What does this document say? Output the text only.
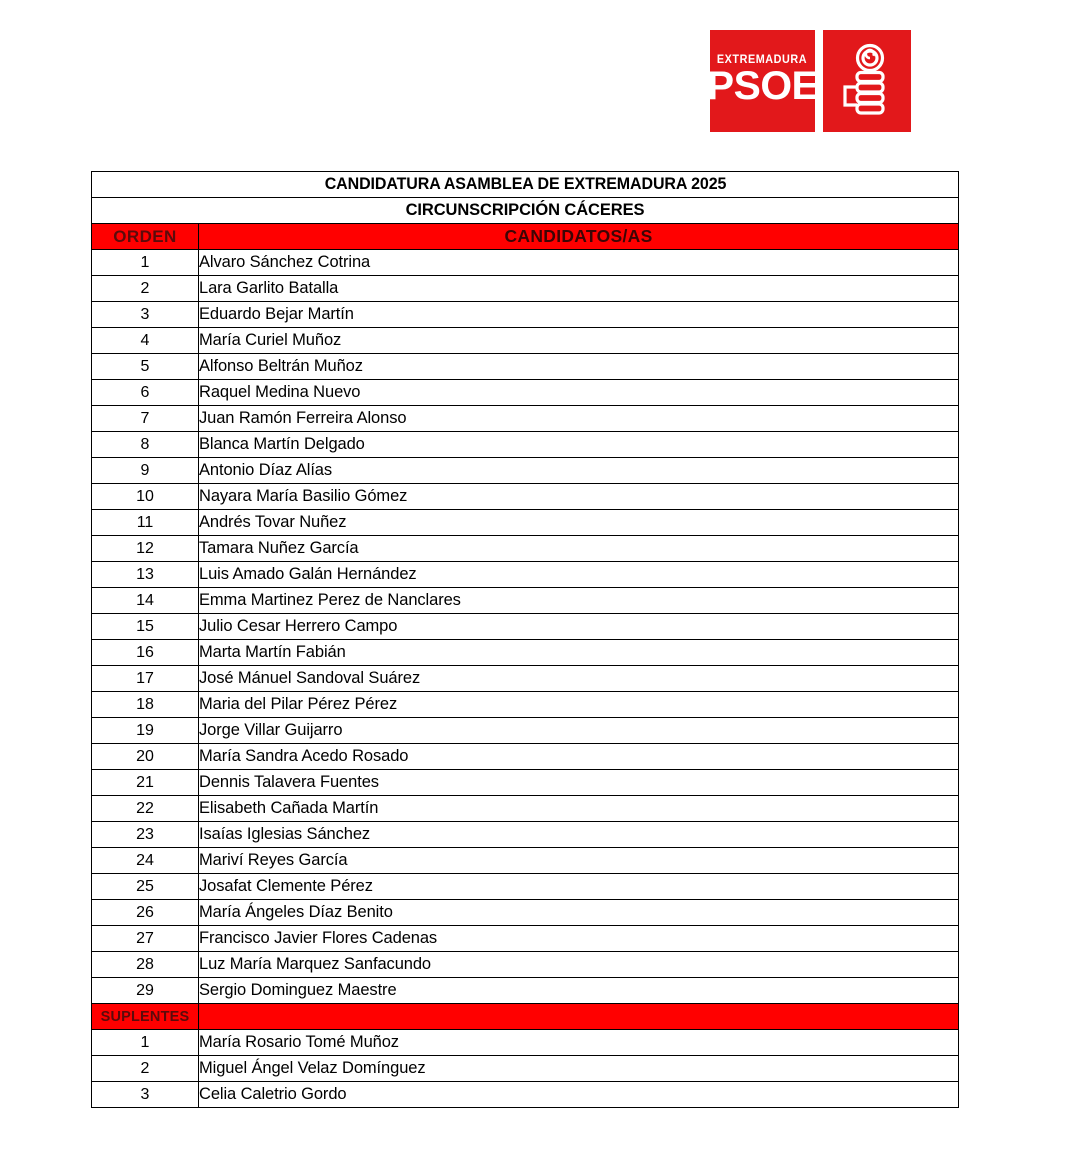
EXTREMADURA
PSOE
CANDIDATURA ASAMBLEA DE EXTREMADURA 2025	
CIRCUNSCRIPCIÓN CÁCERES	
ORDEN	CANDIDATOS/AS
1	Alvaro Sánchez Cotrina
2	Lara Garlito Batalla
3	Eduardo Bejar Martín
4	María Curiel Muñoz
5	Alfonso Beltrán Muñoz
6	Raquel Medina Nuevo
7	Juan Ramón Ferreira Alonso
8	Blanca Martín Delgado
9	Antonio Díaz Alías
10	Nayara María Basilio Gómez
11	Andrés Tovar Nuñez
12	Tamara Nuñez García
13	Luis Amado Galán Hernández
14	Emma Martinez Perez de Nanclares
15	Julio Cesar Herrero Campo
16	Marta Martín Fabián
17	José Mánuel Sandoval Suárez
18	Maria del Pilar Pérez Pérez
19	Jorge Villar Guijarro
20	María Sandra Acedo Rosado
21	Dennis Talavera Fuentes
22	Elisabeth Cañada Martín
23	Isaías Iglesias Sánchez
24	Mariví Reyes García
25	Josafat Clemente Pérez
26	María Ángeles Díaz Benito
27	Francisco Javier Flores Cadenas
28	Luz María Marquez Sanfacundo
29	Sergio Dominguez Maestre
SUPLENTES	
1	María Rosario Tomé Muñoz
2	Miguel Ángel Velaz Domínguez
3	Celia Caletrio Gordo
